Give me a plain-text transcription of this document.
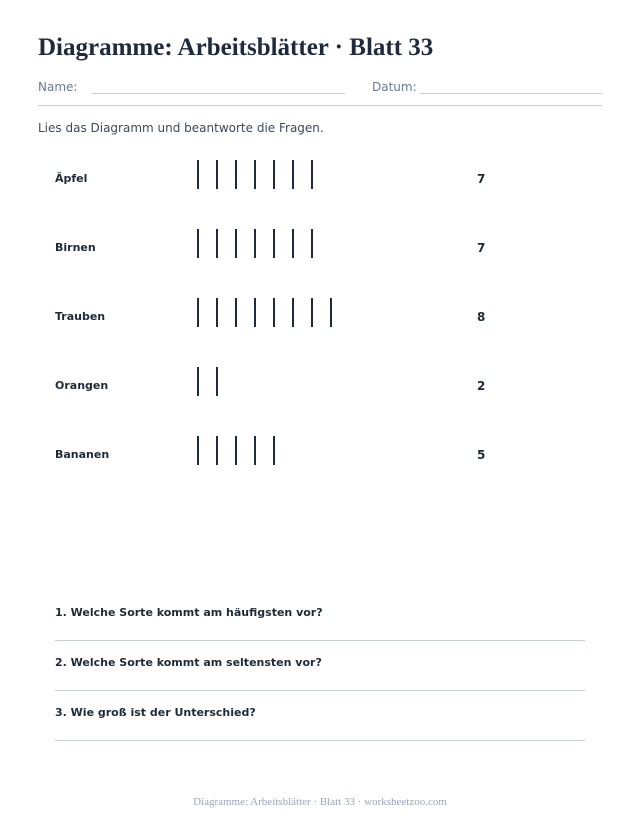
Diagramme: Arbeitsblätter · Blatt 33
Name:	Datum:
Lies das Diagramm und beantworte die Fragen.
Äpfel	7
Birnen	7
Trauben	8
Orangen	2
Bananen	5
1. Welche Sorte kommt am häufigsten vor?
2. Welche Sorte kommt am seltensten vor?
3. Wie groß ist der Unterschied?
Diagramme: Arbeitsblätter · Blatt 33 · worksheetzoo.com
